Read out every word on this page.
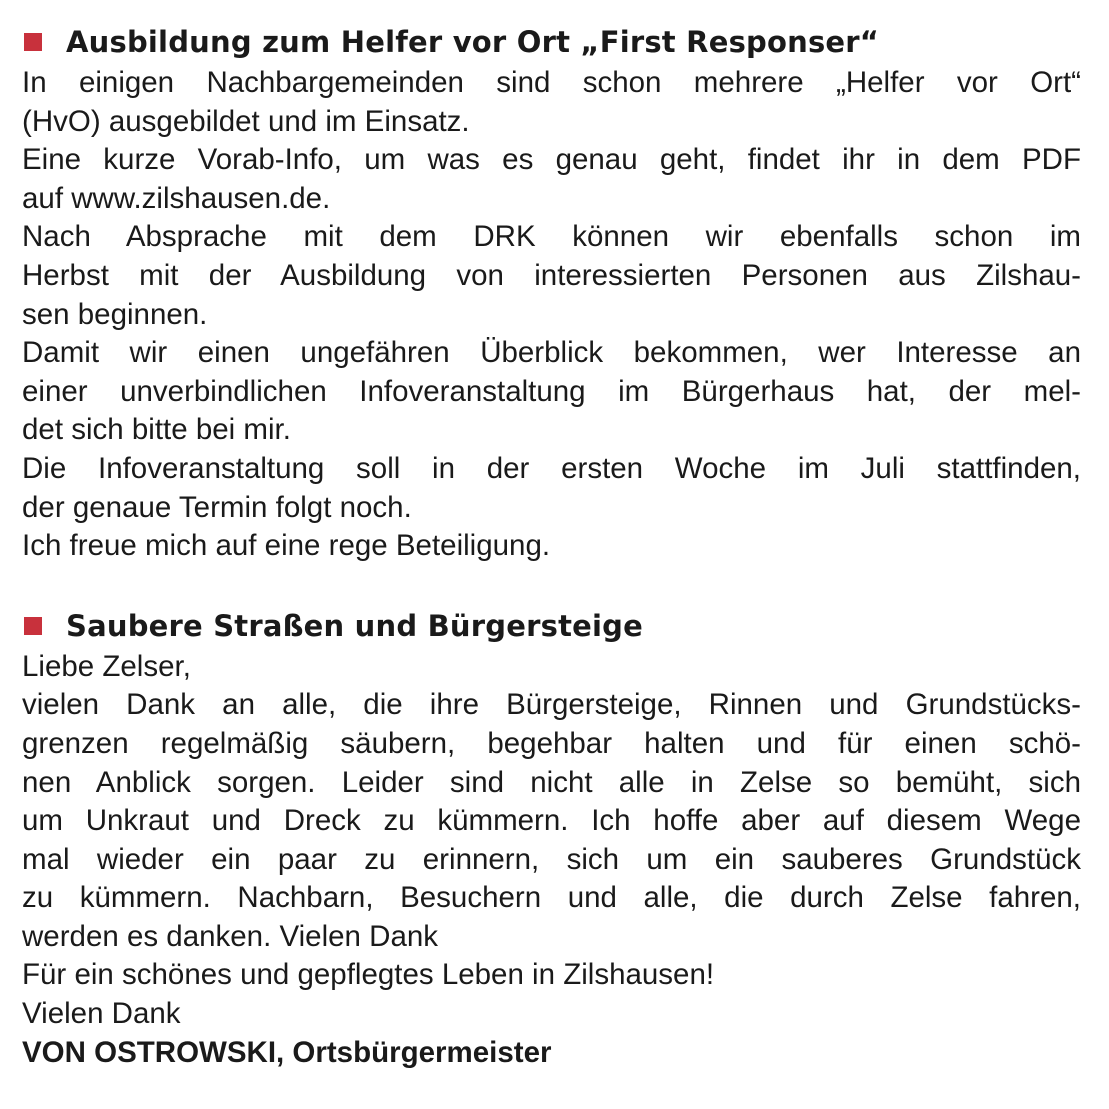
Ausbildung zum Helfer vor Ort „First Responser“
In einigen Nachbargemeinden sind schon mehrere „Helfer vor Ort“
(HvO) ausgebildet und im Einsatz.
Eine kurze Vorab-Info, um was es genau geht, findet ihr in dem PDF
auf www.zilshausen.de.
Nach Absprache mit dem DRK können wir ebenfalls schon im
Herbst mit der Ausbildung von interessierten Personen aus Zilshau-
sen beginnen.
Damit wir einen ungefähren Überblick bekommen, wer Interesse an
einer unverbindlichen Infoveranstaltung im Bürgerhaus hat, der mel-
det sich bitte bei mir.
Die Infoveranstaltung soll in der ersten Woche im Juli stattfinden,
der genaue Termin folgt noch.
Ich freue mich auf eine rege Beteiligung.
Saubere Straßen und Bürgersteige
Liebe Zelser,
vielen Dank an alle, die ihre Bürgersteige, Rinnen und Grundstücks-
grenzen regelmäßig säubern, begehbar halten und für einen schö-
nen Anblick sorgen. Leider sind nicht alle in Zelse so bemüht, sich
um Unkraut und Dreck zu kümmern. Ich hoffe aber auf diesem Wege
mal wieder ein paar zu erinnern, sich um ein sauberes Grundstück
zu kümmern. Nachbarn, Besuchern und alle, die durch Zelse fahren,
werden es danken. Vielen Dank
Für ein schönes und gepflegtes Leben in Zilshausen!
Vielen Dank
VON OSTROWSKI, Ortsbürgermeister
